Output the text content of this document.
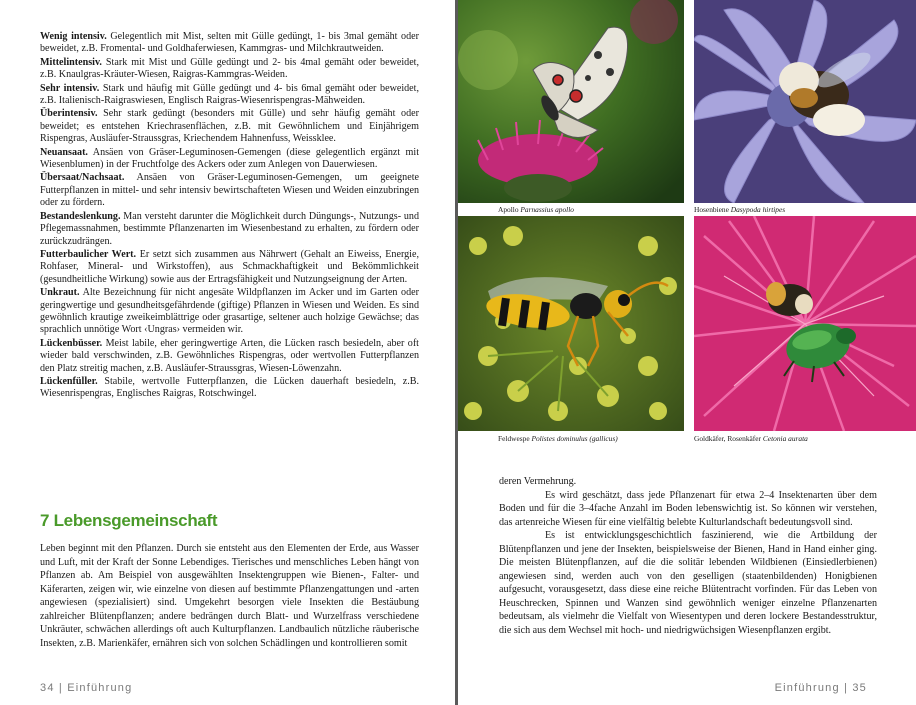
Wenig intensiv. Gelegentlich mit Mist, selten mit Gülle gedüngt, 1- bis 3mal gemäht oder beweidet, z.B. Fromental- und Goldhaferwiesen, Kammgras- und Milchkrautweiden.

Mittelintensiv. Stark mit Mist und Gülle gedüngt und 2- bis 4mal gemäht oder beweidet, z.B. Knaulgras-Kräuter-Wiesen, Raigras-Kammgras-Weiden.

Sehr intensiv. Stark und häufig mit Gülle gedüngt und 4- bis 6mal gemäht oder beweidet, z.B. Italienisch-Raigraswiesen, Englisch Raigras-Wiesenrispengras-Mähweiden.

Überintensiv. Sehr stark gedüngt (besonders mit Gülle) und sehr häufig gemäht oder beweidet; es entstehen Kriechrasenflächen, z.B. mit Gewöhnlichem und Einjährigem Rispengras, Ausläufer-Straussgras, Kriechendem Hahnenfuss, Weissklee.

Neuansaat. Ansäen von Gräser-Leguminosen-Gemengen (diese gelegentlich ergänzt mit Wiesenblumen) in der Fruchtfolge des Ackers oder zum Anlegen von Dauerwiesen.

Übersaat/Nachsaat. Ansäen von Gräser-Leguminosen-Gemengen, um geeignete Futterpflanzen in mittel- und sehr intensiv bewirtschafteten Wiesen und Weiden einzubringen oder zu fördern.

Bestandeslenkung. Man versteht darunter die Möglichkeit durch Düngungs-, Nutzungs- und Pflegemassnahmen, bestimmte Pflanzenarten im Wiesenbestand zu erhalten, zu fördern oder zurückzudrängen.

Futterbaulicher Wert. Er setzt sich zusammen aus Nährwert (Gehalt an Eiweiss, Energie, Rohfaser, Mineral- und Wirkstoffen), aus Schmackhaftigkeit und Bekömmlichkeit (gesundheitliche Wirkung) sowie aus der Ertragsfähigkeit und Nutzungseignung der Arten.

Unkraut. Alte Bezeichnung für nicht angesäte Wildpflanzen im Acker und im Garten oder geringwertige und gesundheitsgefährdende (giftige) Pflanzen in Wiesen und Weiden. Es sind gewöhnlich krautige zweikeimblättrige oder grasartige, seltener auch holzige Gewächse; das sprachlich unnötige Wort ‹Ungras› vermeiden wir.

Lückenbüsser. Meist labile, eher geringwertige Arten, die Lücken rasch besiedeln, aber oft wieder bald verschwinden, z.B. Gewöhnliches Rispengras, oder wertvollen Futterpflanzen den Platz streitig machen, z.B. Ausläufer-Straussgras, Wiesen-Löwenzahn.

Lückenfüller. Stabile, wertvolle Futterpflanzen, die Lücken dauerhaft besiedeln, z.B. Wiesenrispengras, Englisches Raigras, Rotschwingel.

7 Lebensgemeinschaft

Leben beginnt mit den Pflanzen. Durch sie entsteht aus den Elementen der Erde, aus Wasser und Luft, mit der Kraft der Sonne Lebendiges. Tierisches und menschliches Leben hängt von Pflanzen ab. Am Beispiel von ausgewählten Insektengruppen wie Bienen-, Falter- und Käferarten, zeigen wir, wie einzelne von diesen auf bestimmte Pflanzengattungen und -arten angewiesen (spezialisiert) sind. Umgekehrt besorgen viele Insekten die Bestäubung zahlreicher Blütenpflanzen; andere bedrängen durch Blatt- und Wurzelfrass verschiedene Unkräuter, schwächen allerdings oft auch Kulturpflanzen. Landbaulich nützliche räuberische Insekten, z.B. Marienkäfer, ernähren sich von solchen Schädlingen und kontrollieren somit

34 | Einführung
Apollo Parnassius apollo	Hosenbiene Dasypoda hirtipes
Feldwespe Polistes dominulus (gallicus)	Goldkäfer, Rosenkäfer Cetonia aurata

deren Vermehrung.

Es wird geschätzt, dass jede Pflanzenart für etwa 2–4 Insektenarten über dem Boden und für die 3–4fache Anzahl im Boden lebenswichtig ist. So können wir verstehen, das artenreiche Wiesen für eine vielfältig belebte Kulturlandschaft bedeutungsvoll sind.

Es ist entwicklungsgeschichtlich faszinierend, wie die Artbildung der Blütenpflanzen und jene der Insekten, beispielsweise der Bienen, Hand in Hand einher ging. Die meisten Blütenpflanzen, auf die die solitär lebenden Wildbienen (Einsiedlerbienen) angewiesen sind, werden auch von den geselligen (staatenbildenden) Honigbienen aufgesucht, vorausgesetzt, dass diese eine reiche Blütentracht vorfinden. Für das Leben von Heuschrecken, Spinnen und Wanzen sind gewöhnlich weniger einzelne Pflanzenarten bedeutsam, als vielmehr die Vielfalt von Wiesentypen und deren lockere Bestandesstruktur, die sich aus dem Wechsel mit hoch- und niedrigwüchsigen Wiesenpflanzen ergibt.

Einführung | 35
